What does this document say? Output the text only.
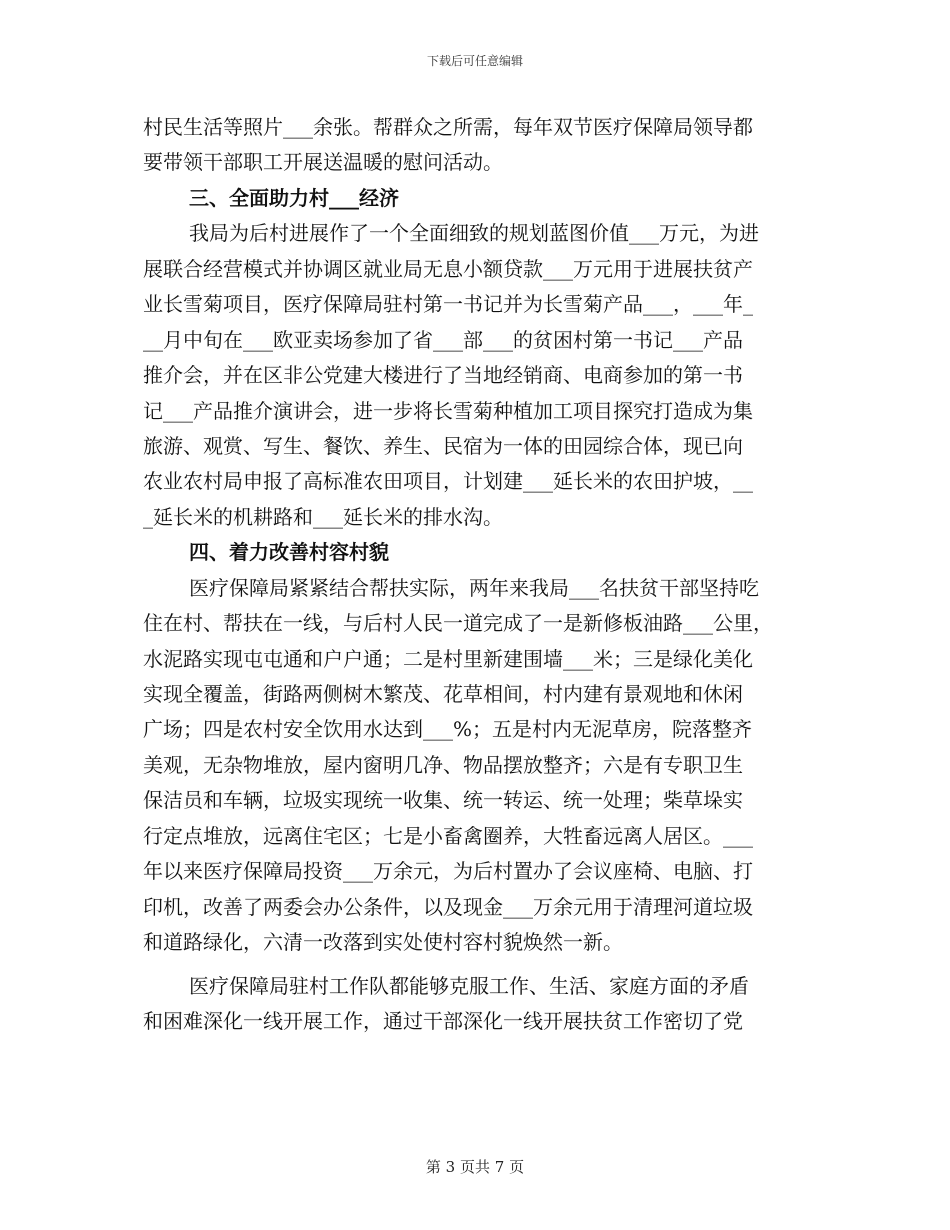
下载后可任意编辑
村民生活等照片___余张。帮群众之所需，每年双节医疗保障局领导都
要带领干部职工开展送温暖的慰问活动。
三、全面助力村___经济
我局为后村进展作了一个全面细致的规划蓝图价值___万元，为进
展联合经营模式并协调区就业局无息小额贷款___万元用于进展扶贫产
业长雪菊项目，医疗保障局驻村第一书记并为长雪菊产品___，___年_
__月中旬在___欧亚卖场参加了省___部___的贫困村第一书记___产品
推介会，并在区非公党建大楼进行了当地经销商、电商参加的第一书
记___产品推介演讲会，进一步将长雪菊种植加工项目探究打造成为集
旅游、观赏、写生、餐饮、养生、民宿为一体的田园综合体，现已向
农业农村局申报了高标准农田项目，计划建___延长米的农田护坡，__
_延长米的机耕路和___延长米的排水沟。
四、着力改善村容村貌
医疗保障局紧紧结合帮扶实际，两年来我局___名扶贫干部坚持吃
住在村、帮扶在一线，与后村人民一道完成了一是新修板油路___公里，
水泥路实现屯屯通和户户通；二是村里新建围墙___米；三是绿化美化
实现全覆盖，街路两侧树木繁茂、花草相间，村内建有景观地和休闲
广场；四是农村安全饮用水达到___%；五是村内无泥草房，院落整齐
美观，无杂物堆放，屋内窗明几净、物品摆放整齐；六是有专职卫生
保洁员和车辆，垃圾实现统一收集、统一转运、统一处理；柴草垛实
行定点堆放，远离住宅区；七是小畜禽圈养，大牲畜远离人居区。___
年以来医疗保障局投资___万余元，为后村置办了会议座椅、电脑、打
印机，改善了两委会办公条件，以及现金___万余元用于清理河道垃圾
和道路绿化，六清一改落到实处使村容村貌焕然一新。
医疗保障局驻村工作队都能够克服工作、生活、家庭方面的矛盾
和困难深化一线开展工作，通过干部深化一线开展扶贫工作密切了党
第 3 页共 7 页
